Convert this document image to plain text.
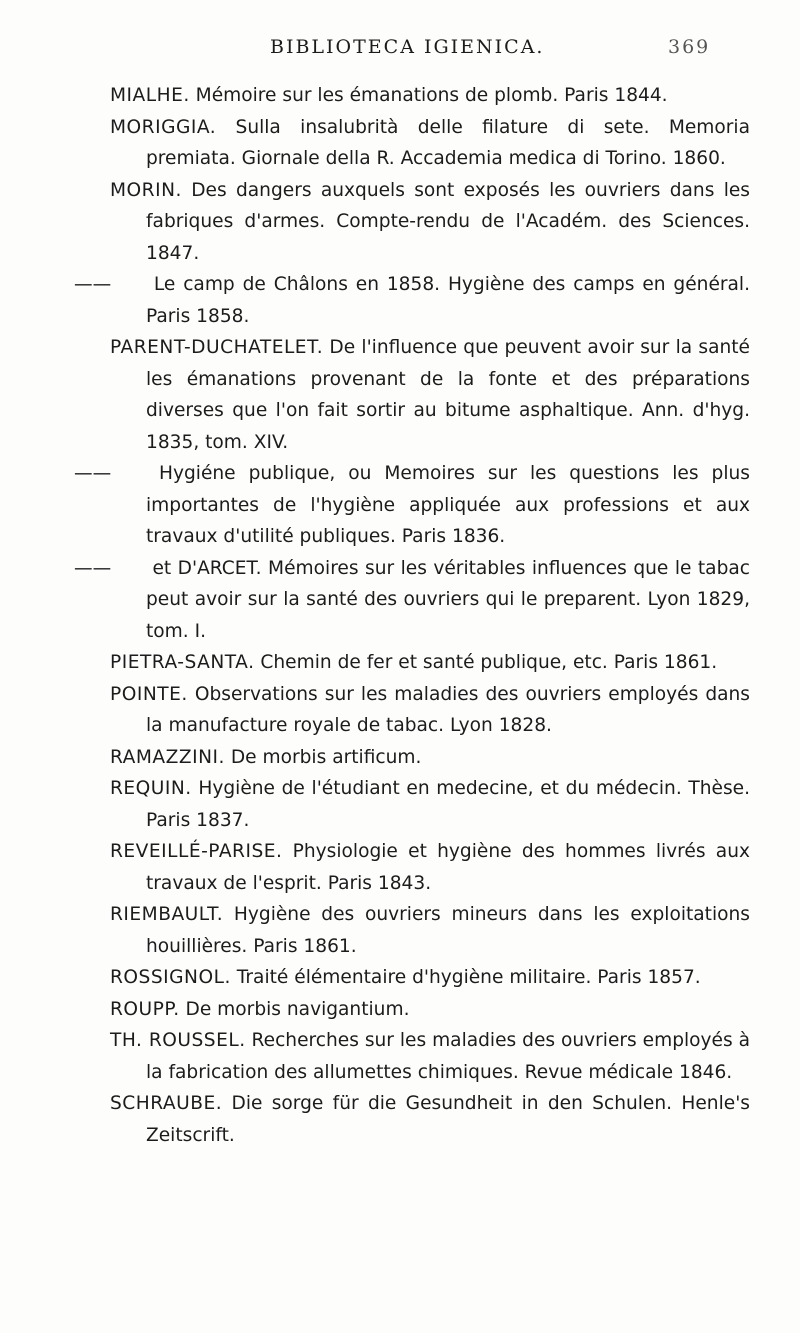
BIBLIOTECA IGIENICA.	369

MIALHE. Mémoire sur les émanations de plomb. Paris 1844.

MORIGGIA. Sulla insalubrità delle filature di sete. Memoria premiata. Giornale della R. Accademia medica di Torino. 1860.

MORIN. Des dangers auxquels sont exposés les ouvriers dans les fabriques d'armes. Compte-rendu de l'Académ. des Sciences. 1847.

—— Le camp de Châlons en 1858. Hygiène des camps en général. Paris 1858.

PARENT-DUCHATELET. De l'influence que peuvent avoir sur la santé les émanations provenant de la fonte et des préparations diverses que l'on fait sortir au bitume asphaltique. Ann. d'hyg. 1835, tom. XIV.

—— Hygiéne publique, ou Memoires sur les questions les plus importantes de l'hygiène appliquée aux professions et aux travaux d'utilité publiques. Paris 1836.

—— et D'ARCET. Mémoires sur les véritables influences que le tabac peut avoir sur la santé des ouvriers qui le preparent. Lyon 1829, tom. I.

PIETRA-SANTA. Chemin de fer et santé publique, etc. Paris 1861.

POINTE. Observations sur les maladies des ouvriers employés dans la manufacture royale de tabac. Lyon 1828.

RAMAZZINI. De morbis artificum.

REQUIN. Hygiène de l'étudiant en medecine, et du médecin. Thèse. Paris 1837.

REVEILLÉ-PARISE. Physiologie et hygiène des hommes livrés aux travaux de l'esprit. Paris 1843.

RIEMBAULT. Hygiène des ouvriers mineurs dans les exploitations houillières. Paris 1861.

ROSSIGNOL. Traité élémentaire d'hygiène militaire. Paris 1857.

ROUPP. De morbis navigantium.

TH. ROUSSEL. Recherches sur les maladies des ouvriers employés à la fabrication des allumettes chimiques. Revue médicale 1846.

SCHRAUBE. Die sorge für die Gesundheit in den Schulen. Henle's Zeitscrift.
